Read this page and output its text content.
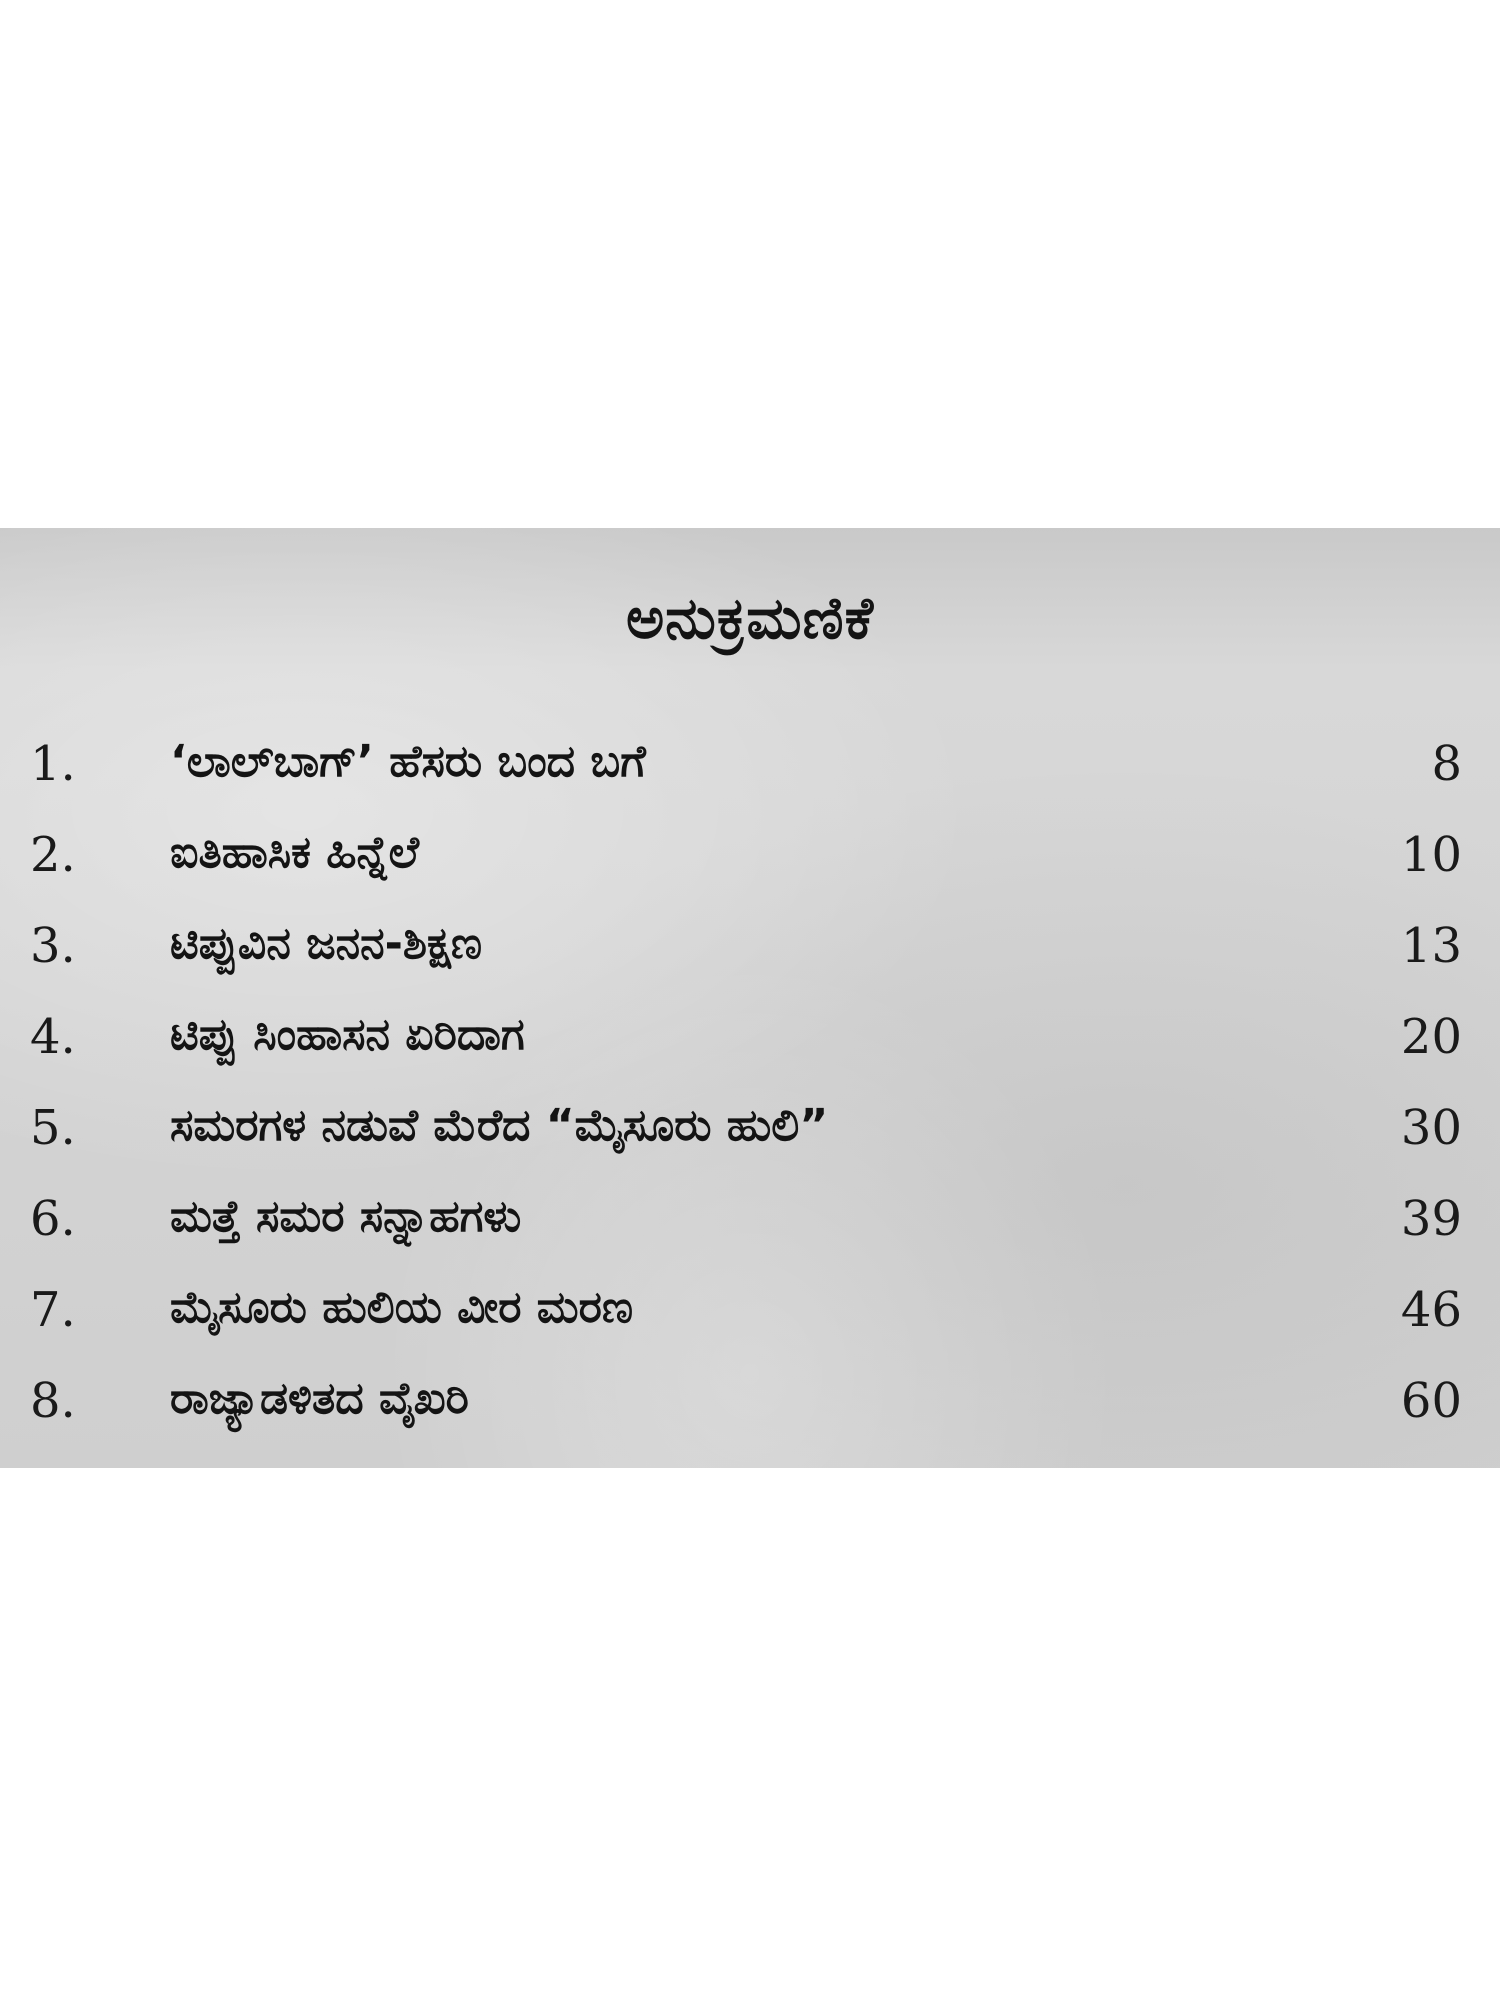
ಅನುಕ್ರಮಣಿಕೆ
1. ‘ಲಾಲ್‌ಬಾಗ್’ ಹೆಸರು ಬಂದ ಬಗೆ	8
2. ಐತಿಹಾಸಿಕ ಹಿನ್ನೆಲೆ	10
3. ಟಿಪ್ಪುವಿನ ಜನನ-ಶಿಕ್ಷಣ	13
4. ಟಿಪ್ಪು ಸಿಂಹಾಸನ ಏರಿದಾಗ	20
5. ಸಮರಗಳ ನಡುವೆ ಮೆರೆದ “ಮೈಸೂರು ಹುಲಿ”	30
6. ಮತ್ತೆ ಸಮರ ಸನ್ನಾಹಗಳು	39
7. ಮೈಸೂರು ಹುಲಿಯ ವೀರ ಮರಣ	46
8. ರಾಜ್ಯಾಡಳಿತದ ವೈಖರಿ	60
